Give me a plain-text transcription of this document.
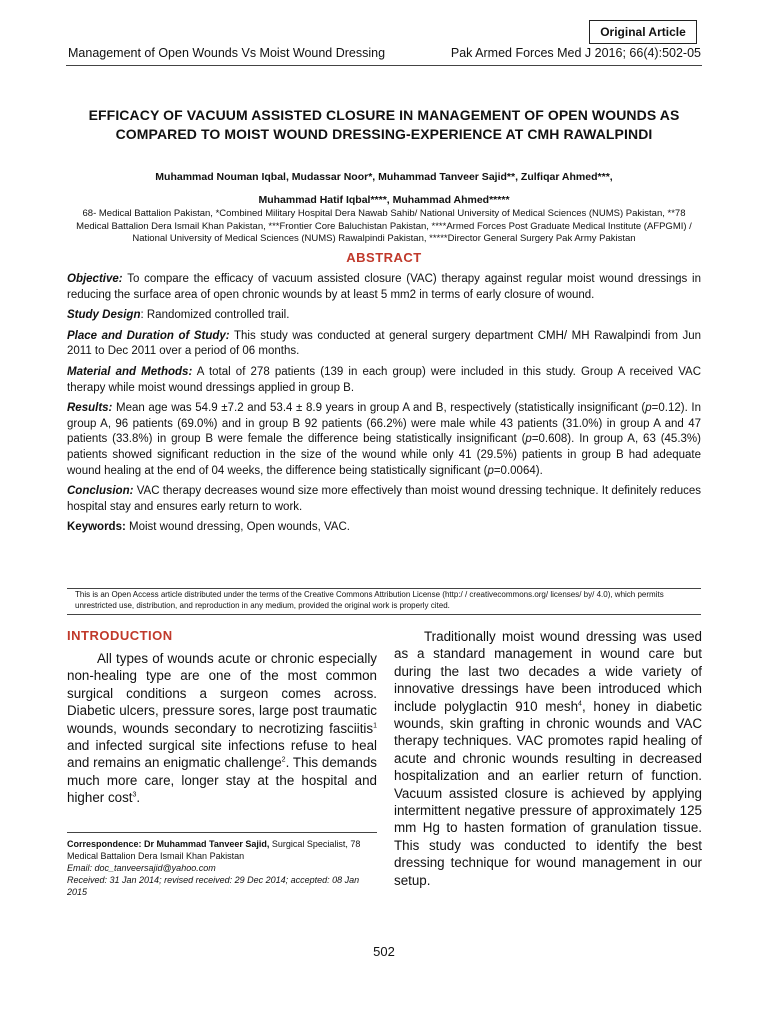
Original Article
Management of Open Wounds Vs Moist Wound Dressing	Pak Armed Forces Med J 2016; 66(4):502-05
EFFICACY OF VACUUM ASSISTED CLOSURE IN MANAGEMENT OF OPEN WOUNDS AS COMPARED TO MOIST WOUND DRESSING-EXPERIENCE AT CMH RAWALPINDI
Muhammad Nouman Iqbal, Mudassar Noor*, Muhammad Tanveer Sajid**, Zulfiqar Ahmed***,
Muhammad Hatif Iqbal****, Muhammad Ahmed*****
68- Medical Battalion Pakistan, *Combined Military Hospital Dera Nawab Sahib/ National University of Medical Sciences (NUMS) Pakistan, **78 Medical Battalion Dera Ismail Khan Pakistan, ***Frontier Core Baluchistan Pakistan, ****Armed Forces Post Graduate Medical Institute (AFPGMI) / National University of Medical Sciences (NUMS) Rawalpindi Pakistan, *****Director General Surgery Pak Army Pakistan
ABSTRACT

Objective: To compare the efficacy of vacuum assisted closure (VAC) therapy against regular moist wound dressings in reducing the surface area of open chronic wounds by at least 5 mm2 in terms of early closure of wound.

Study Design: Randomized controlled trail.

Place and Duration of Study: This study was conducted at general surgery department CMH/ MH Rawalpindi from Jun 2011 to Dec 2011 over a period of 06 months.

Material and Methods: A total of 278 patients (139 in each group) were included in this study. Group A received VAC therapy while moist wound dressings applied in group B.

Results: Mean age was 54.9 ±7.2 and 53.4 ± 8.9 years in group A and B, respectively (statistically insignificant (p=0.12). In group A, 96 patients (69.0%) and in group B 92 patients (66.2%) were male while 43 patients (31.0%) in group A and 47 patients (33.8%) in group B were female the difference being statistically insignificant (p=0.608). In group A, 63 (45.3%) patients showed significant reduction in the size of the wound while only 41 (29.5%) patients in group B had adequate wound healing at the end of 04 weeks, the difference being statistically significant (p=0.0064).

Conclusion: VAC therapy decreases wound size more effectively than moist wound dressing technique. It definitely reduces hospital stay and ensures early return to work.

Keywords: Moist wound dressing, Open wounds, VAC.

This is an Open Access article distributed under the terms of the Creative Commons Attribution License (http:/ / creativecommons.org/ licenses/ by/ 4.0), which permits unrestricted use, distribution, and reproduction in any medium, provided the original work is properly cited.
INTRODUCTION

All types of wounds acute or chronic especially non-healing type are one of the most common surgical conditions a surgeon comes across. Diabetic ulcers, pressure sores, large post traumatic wounds, wounds secondary to necrotizing fasciitis$^1$ and infected surgical site infections refuse to heal and remains an enigmatic challenge$^2$. This demands much more care, longer stay at the hospital and higher cost$^3$.

Traditionally moist wound dressing was used as a standard management in wound care but during the last two decades a wide variety of innovative dressings have been introduced which include polyglactin 910 mesh$^4$, honey in diabetic wounds, skin grafting in chronic wounds and VAC therapy techniques. VAC promotes rapid healing of acute and chronic wounds resulting in decreased hospitalization and an earlier return of function. Vacuum assisted closure is achieved by applying intermittent negative pressure of approximately 125 mm Hg to hasten formation of granulation tissue. This study was conducted to identify the best dressing technique for wound management in our setup.

Correspondence: Dr Muhammad Tanveer Sajid, Surgical Specialist, 78 Medical Battalion Dera Ismail Khan Pakistan
Email: doc_tanveersajid@yahoo.com
Received: 31 Jan 2014; revised received: 29 Dec 2014; accepted: 08 Jan 2015
502
